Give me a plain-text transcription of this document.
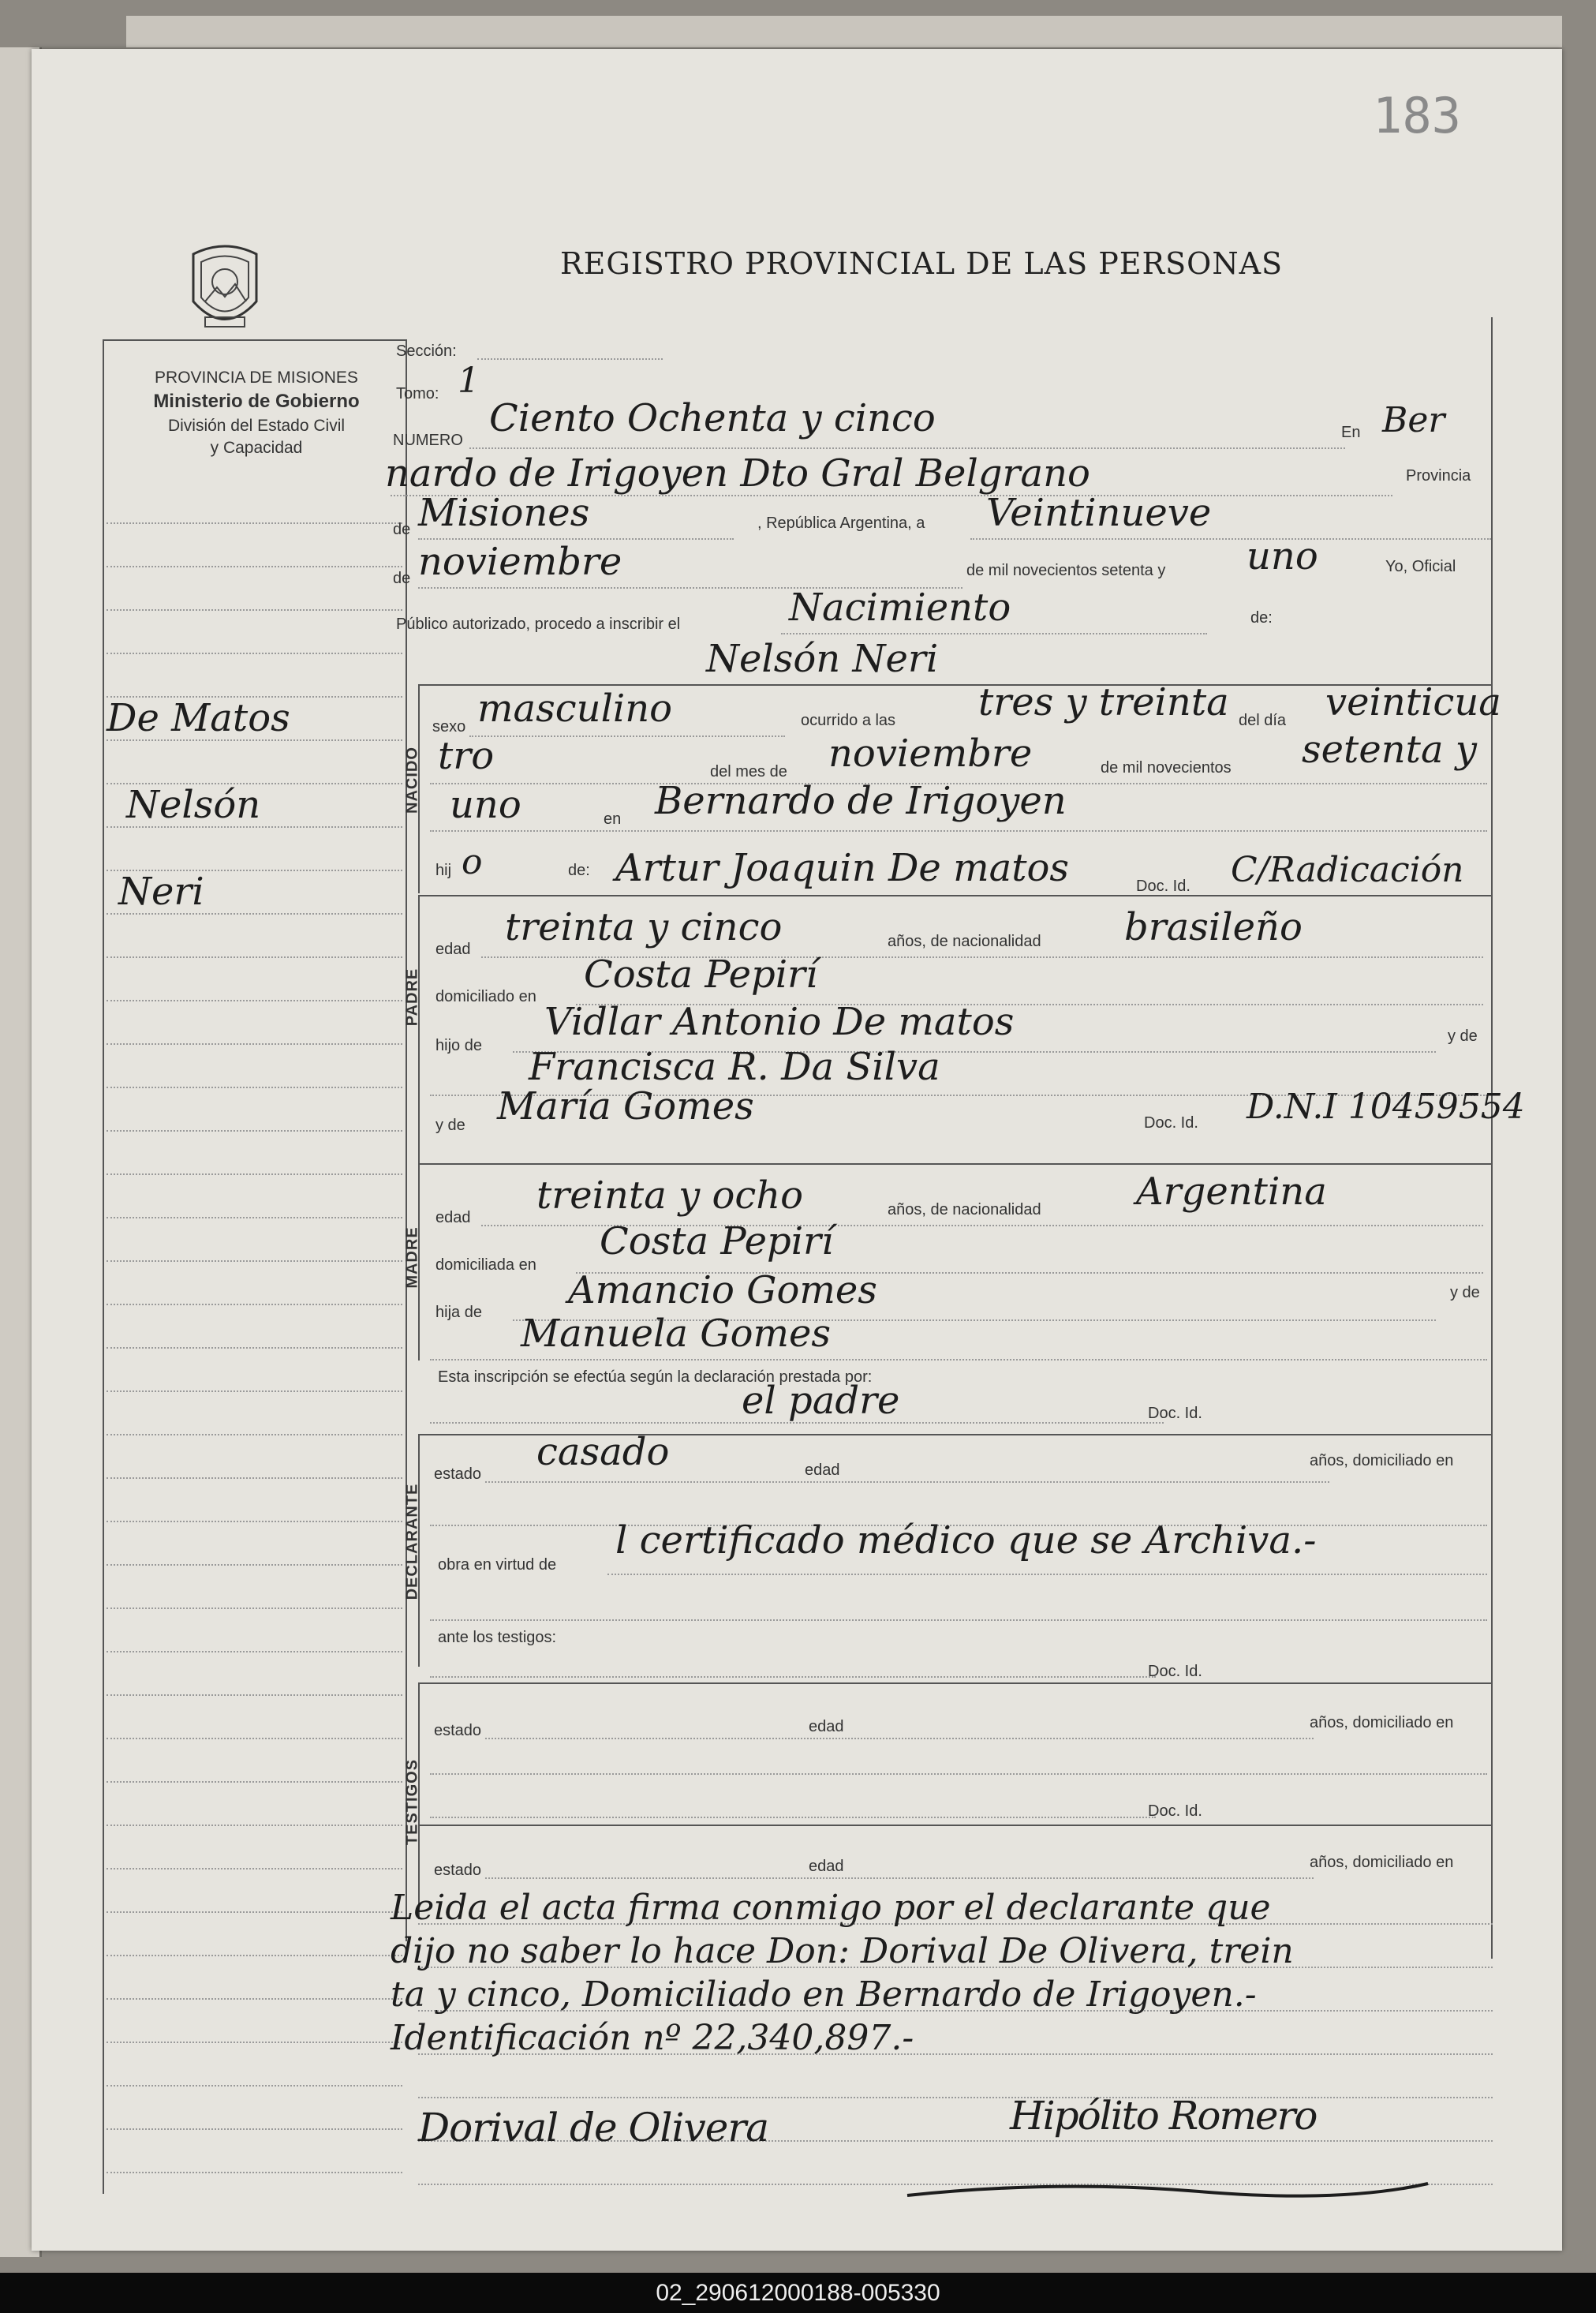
183
REGISTRO PROVINCIAL DE LAS PERSONAS
PROVINCIA DE MISIONES
Ministerio de Gobierno
División del Estado Civil
y Capacidad
De Matos
Nelsón
Neri
Sección:
Tomo: 1
NUMERO Ciento Ochenta y cinco	En Ber
nardo de Irigoyen Dto Gral Belgrano	Provincia
de Misiones	, República Argentina, a Veintinueve
de noviembre	de mil novecientos setenta y uno	Yo, Oficial
Público autorizado, procedo a inscribir el	Nacimiento	de:
Nelsón Neri
NACIDO
sexo masculino	ocurrido a las tres y treinta del día veinticua
tro	del mes de noviembre	de mil novecientos setenta y
uno	en Bernardo de Irigoyen
hij o	de: Artur Joaquin De matos	Doc. Id. C/Radicación
PADRE
edad treinta y cinco	años, de nacionalidad brasileño
domiciliado en Costa Pepirí
hijo de
Vidlar Antonio De matos	y de
Francisca R. Da Silva
y de María Gomes	Doc. Id. D.N.I 10459554
MADRE
edad treinta y ocho	años, de nacionalidad	Argentina
domiciliada en
Costa Pepirí
hija de Amancio Gomes	y de
Manuela Gomes
Esta inscripción se efectúa según la declaración prestada por:
el padre	Doc. Id.
DECLARANTE
estado casado	edad
años, domiciliado en
obra en virtud de
l certificado médico que se Archiva.-
ante los testigos:
Doc. Id.
TESTIGOS
estado	edad	años, domiciliado en
Doc. Id.
estado	edad	años, domiciliado en
Leida el acta firma conmigo por el declarante que
dijo no saber lo hace Don: Dorival De Olivera, trein
ta y cinco, Domiciliado en Bernardo de Irigoyen.-
Identificación nº 22,340,897.-
Dorival de Olivera	Hipólito Romero
02_290612000188-005330
